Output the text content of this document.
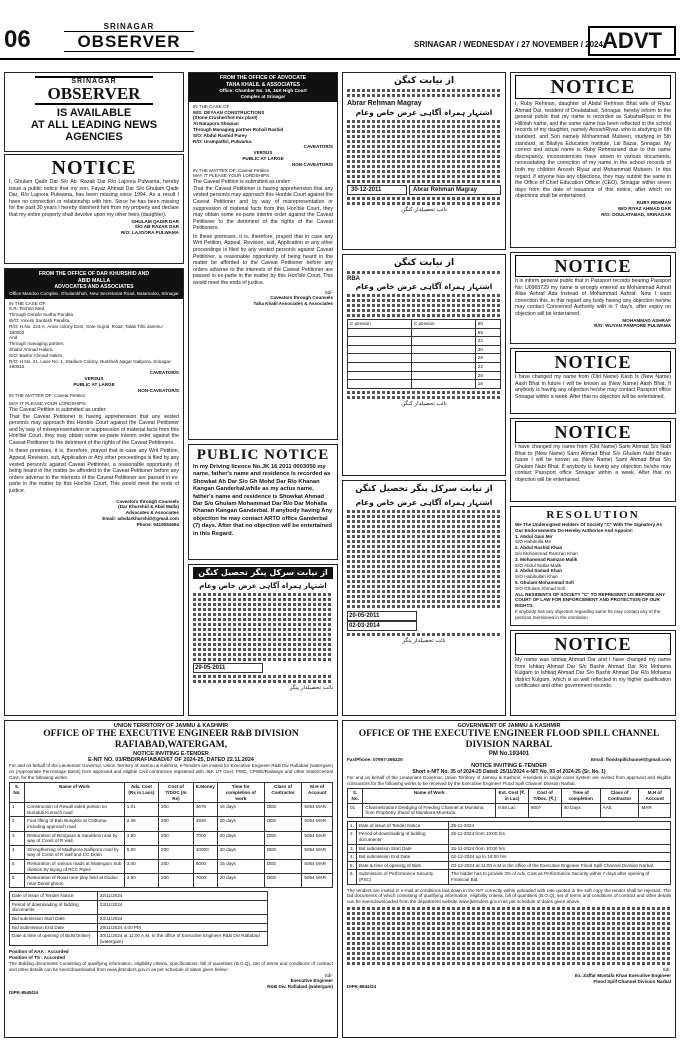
06	SRINAGAR
OBSERVER	SRINAGAR / WEDNESDAY / 27 NOVEMBER / 2024 ADVT
SRINAGAR
OBSERVER
IS AVAILABLE
AT ALL LEADING NEWS
AGENCIES
NOTICE
I, Ghulam Qadir Dar S/o Ab. Razak Dar R/o Lajoora Pulwama, hereby issue a public notice that my son, Fayaz Ahmad Dar S/o Ghulam Qadir Dar, R/o Lajoora Pulwama, has been missing since 1994. As a result I have no connection or relationship with him. Since he has been missing for the past 30 years I hereby disinherit him from my property and declare that my entire property shall devolve upon my other heirs (daughter).
GHULAM QADIR DAR
S/O AB RAZAK DAR
R/O: LAJOORA PULWAMA
FROM THE OFFICE OF DAR KHURSHID AND
ABID MALLA
ADVOCATES AND ASSOCIATES
Office Mandoo Complex, Ghulamkhah, New Secretariat Road, Batamaloo, Srinagar
IN THE CASE OF:
S.R. Techno Med.
Through Dimple Sudhu Pandita
W/O: Vicess Santosh Pandita,
R/O: H.No. 224-A, Amar colony Extn, Gole Gujral, Road, Talab Tillo Jammu- 180002
And
Through managing partner,
Shabir Ahmad Hakim,
S/O: Bashir Ahmad Hakim,
R/O: H.No. 21, Lane No. 1, Stadium Colony, Budshah Nagar Natipora, Srinagar-190015
CAVEATOR/S
VERSUS
PUBLIC AT LARGE
NON-CAVEATOR/S
IN THE MATTER OF: Caveat Petition
MAY IT PLEASE YOUR LORDSHIPS:
The Caveat Petition is submitted as under:
That the Caveat Petitioner is having apprehension that any vested person/s may approach this Honble Court against the Caveat Petitioner and by way of misrepresentation or suppression of material facts from this Hon'ble Court, they may obtain some ex-parte interim order against the Caveat Petitioner to the detriment of the rights of the Caveat Petitioners.
In these premises, it is, therefore, prayed that in case any Writ Petition, Appeal, Revision, suit, Application or Any other proceedings is filed by any vested person/s against Caveat Petitioner, a reasonable opportunity of being heard in the matter be afforded to the Caveat Petitioner before any orders adverse to the interests of the Caveat Petitioner are passed in ex-parte in the matter by this Hon'ble Court. This would meet the ends of justice.
Caveators through Counsels
(Dar Khurshid & Abid Malla)
Advocates & Associates
Email: advdarkhurshid@gmail.com
Phone: 9419054694
FROM THE OFFICE OF ADVOCATE
TAHA KHALIL & ASSOCIATES
Office: Chamber No. 16, J&K High Court
Complex at Srinagar
IN THE CASE OF:
M/S: DEYAAN CONSTRUCTIONS
(Stone Crusher/hot mix plant)
At Narapora Shopian
Through Managing partner Rohail Rashid
S/O: Abdul Rashid Parey
R/O: Urampathri, Pulwama.
CAVEATOR/S
VERSUS
PUBLIC AT LARGE
NON-CAVEATOR/S
IN THE MATTER OF: Caveat Petition
MAY IT PLEASE YOUR LORDSHIPS:
The Caveat Petition is submitted as under:
That the Caveat Petitioner is having apprehension that any vested person/s may approach this Honble Court against the Caveat Petitioner and by way of misrepresentation or suppression of material facts from this Hon'ble Court, they may obtain some ex-parte interim order against the Caveat Petitioner to the detriment of the rights of the Caveat Petitioners.
In these premises, it is, therefore, prayed that in case any Writ Petition, Appeal, Revision, suit, Application or any other proceedings is filed by any vested person/s against Caveat Petitioner, a reasonable opportunity of being heard in the matter be afforded to the Caveat Petitioner before any orders adverse to the interests of the Caveat Petitioner are passed in ex-parte in the matter by this Hon'ble Court. This would meet the ends of justice.
Sd/-
Caveators through Counsels
Taha Khalil Associates & Associates
PUBLIC NOTICE
In my Driving licence No.JK 16 2011 0003050 my name, father's name and residence is recorded as Showkat Ah Dar S/o Gh Mohd Dar R/o Khanan Kangan Ganderbal,while as my actus name, father's name and residence is Showkat Ahmad Dar S/o Ghulam Mohammad Dar R/o Dar Mohalla Khanan Kangan Ganderbal. If anybody having Any objection he may contact ARTO office Ganderbal (7) days. After that no objection will be entertained in this Regard.
از نیابت سرکل پنگر تحصیل کنگن
اشتہار ہمراہ آگاہی عرض خاص وعام
29-05-2011
نائب تحصیلدار پنگر
از نیابت کنگن
Abrar Rehman Magray
اشتہار ہمراہ آگاہی عرض خاص وعام
30-12-2011	Abrar Rehman Magray
نائب تحصیلدار کنگن
از نیابت کنگن
RBA
اشتہار ہمراہ آگاہی عرض خاص وعام
C pension	C pension	60
		55
		32
		30
		28
		22
		28
		18
نائب تحصیلدار کنگن
از نیابت سرکل پنگر تحصیل کنگن
اشتہار ہمراہ آگاہی عرض خاص وعام
20-05-2011
02-03-2014
نائب تحصیلدار پنگر
NOTICE
I, Ruby Rehman, daughter of Abdul Rehman Bhat wife of Riyaz Ahmad Dar, resident of Doulatabad, Srinagar, hereby inform to the general public that my name is recorded as SabahaRiyaz in the Hilloiah name, and the same name has been reflected in the school records of my daughter, namely ArooshRiyaz, who is studying in 6th standard, and Son namely Mohammad Mubeen, studying in 5th standard, at Bilaliya Education Institute, Lal Bazar, Srinagar. My correct and actual name is Ruby Rehmanand due to this name discrepancy, inconsistencies have arisen in various documents, necessitating the correction of my name in the school records of both my children Aroosh Riyaz and Mohammad Mubeen. In this regard, if anyone has any objections, they may submit the same in the Office of Chief Education Officer (CEO), Srinagar within seven days from the date of issuance of this notice, after which no objections shall be entertained.
RUBY REHMAN
W/O RIYAZ AHMAD DAR
R/O: DOULATABAD, SRINAGAR
NOTICE
It is inform general public that in Passport records bearing Passport No: U0965729 my name is wrongly entered as Mohammad Ashraf Alias Ashraf Ada instead of Mohammad Ashraf. Now I want correction this, in this regard any body having any objection he/she may contact Concerned Authority with in 7 day's, after expiry no objection will be entertained.
MOHAMMAD ASHRAF
R/O: WUYAN PAMPORE PULWAMA
NOTICE
I have changed my name from (Old Name) Kash Is (New Name) Aash Bhat in future I will be known as (New Name) Aash Bhat. If anybody is having any objection he/she may contact Passport office Srinagar within a week. After that no objection will be entertained.
NOTICE
I have changed my name from (Old Name) Sami Ahmad S/o Nabi Bhat to (New Name) Sami Ahmad Bhat S/o Ghulam Nabi Bhatin future I will be known as (New Name) Sami Ahmad Bhat S/o Ghulam Nabi Bhat. If anybody is having any objection he/she may contact Passport office Srinagar within a week. After that no objection will be entertained.
RESOLUTION
We The Undersigned Holders Of Society "C" With The Signatory As Our Endorsements Do Hereby Authorise And Appoint:
1. Abdul Gani Mir
S/O Habibulla Mir
2. Abdul Rashid Khan
S/o Mohammad Ramzan Khan
3. Mohammad Ramzan Malik
S/O Abdul Sattar Malik
4. Abdul Samad Khan
S/O Habibullah Khan
5. Ghulam Mohammad Sofi
S/O Ghulam Ahmad Sofi
ALL RESIDENTS OF SOCIETY "C" TO REPRESENT US BEFORE ANY COURT OF LAW FOR ENFORCEMENT AND PROTECTION OF OUR RIGHTS.
If anybody has any objection regarding same he may contact any of the persons mentioned in the resolution
NOTICE
My name was Ishtiaq Ahmad Dar and I have changed my name from Ishtiaq Ahmad Dar S/o Bashir Ahmad Dar R/o Mohama Kulgam to Ishtiaq Ahmad Dar S/o Bashir Ahmad Dar R/o Mohama district Kulgam, which is as well reflected in my higher qualification certificates and other government records.
UNION TERRITORY OF JAMMU & KASHMIR
OFFICE OF THE EXECUTIVE ENGINEER R&B DIVISION RAFIABAD,WATERGAM,
NOTICE INVITING E-TENDER
E-NIT NO. 03/RBD/RAFIABAD/67 OF 2024-25, DATED 22.11.2024
For and on behalf of the Lieutenant Governor, Union Territory of Jammu & Kashmir, e-Tenders are invited for Executive Engineer R&B Div Rafiabad (watergam) on (Appropriate Percentage Basis) from approved and eligible Civil contractors registered with J&K UT Govt, PWD, CPWD/Railways and other State/Central Govt, for the following works:
S. No.	Name of Work	Adv. Cost (Rs in Lacs)	Cost of T/DOC (In Rs)	E.Money	Time for completion of work	Class of Contractor	M.H of Account
1	Construction of Rewall sided portion on Buruduli Kumoch road	1.01	200	3670	15 days	DEE	5054 MAR
2	Foot lifting of Bab Bunglow at Chittuma including approach road	2.46	200	4920	20 days	DEE	5054 MAR
3	Restoration of Bongwan & Sanddovi road by way of Const of R wall,	3.50	200	7000	20 days	DEE	5054 MAR
4	Strengthening of Madhpora Nallipora road by way of Const of R wall and CC Drain	5.00	200	10000	20 days	DEE	5054 MAR
5	Restoration of various roads at Watergam Sub division by laying of RCC Pipes	3.00	200	6000	15 days	DEE	5054 MAR
6	Restoration of Road near play field at Dudoo near Dorali ghoon	3.50	200	7000	20 days	DEE	5054 MAR
Date of issue of Tender Notice	22/11/2024
Period of downloading of bidding documents	23/11/2024
Bid submission Start Date	23/11/2024
Bid Submission End Date	29/11/2024 4:00 PM
Date & time of opening of Bids(Online)	30/11/2024 at 11:00 A.M. In the office of Executive Engineer R&B Div Rafiabad (watergam)
Position of AAA : Accorded
Position of TS : Accorded
The Bidding documents Consisting of qualifying information, eligibility criteria, specifications, bill of quantities (B.O.Q), Set of terms and conditions of contract and other details can be seen/downloaded from www.jktenders.gov.in as per schedule of dates given below:-
Sd/-
Executive Engineer
R&B Div. Rafiabad (watergam)
DIPK-8549/24
GOVERNMENT OF JAMMU & KASHMIR
OFFICE OF THE EXECUTIVE ENGINEER FLOOD SPILL CHANNEL DIVISION NARBAL
PM No.193401
Fax/Phone: 07957-266225	Email: floodspillchannel@gmail.com
NOTICE INVITING E-TENDER
Short e-NIT No. 35 of 2024-25 Dated: 25/11/2024 e-NIT No. 93 of 2024-25 (Sr. No. 1)
For and on behalf of the Lieutenant Governor, Union Territory of Jammu & Kashmir, e-tenders in single cover system are invited from approved and eligible contractors for the following works to be received by the Executive Engineer Flood Spill Channel Division Narbal.
S. No.	Name of Work	Est. Cost (₹. in Lac)	Cost of T/Doc. (₹.)	Time of completion	Class of Contractor	M.H of Account
01	Channelization/ Dredging of Feeding Channel at Mumkina from Prophetry Jhand of Mumkura Mumkula.	9.60 Lac	900/-	40 Days	AAE	MAR
1.	Date of issue of Tender Notice	25-11-2024
2.	Period of downloading of bidding documents	25-11-2024 from 10:00 hrs
3.	Bid submission Start Date	25-11-2024 from 10:00 hrs
4.	Bid submission End Date	02-12-2024 up to 16:00 hrs
5.	Date & time of opening of Bids	03-12-2024 at 11:00 A.M in the office of the Executive Engineer Flood Spill Channel Division Narbal.
6.	Submission of Performance Security (PSC)	The bidder has to provide 3% of Adv. Cost as Performance Security within 7 days after opening of Financial Bid.
The tenders are invited in e-mail at conditions laid down in the NIT correctly within uploaded with rate quoted in the soft copy the tender shall be rejected. The bid documents of which consisting of qualifying information, eligibility criteria, bill of quantities (B.O.Q), set of terms and conditions of contract and other details can be seen/downloaded from the department website www.jktenders.gov.in as per schedule of dates given above.
Sd/-
Ex. Zaffar Mustafa Khan Executive Engineer
Flood Spill Channel Division Narbal
DIPK-8644/24
